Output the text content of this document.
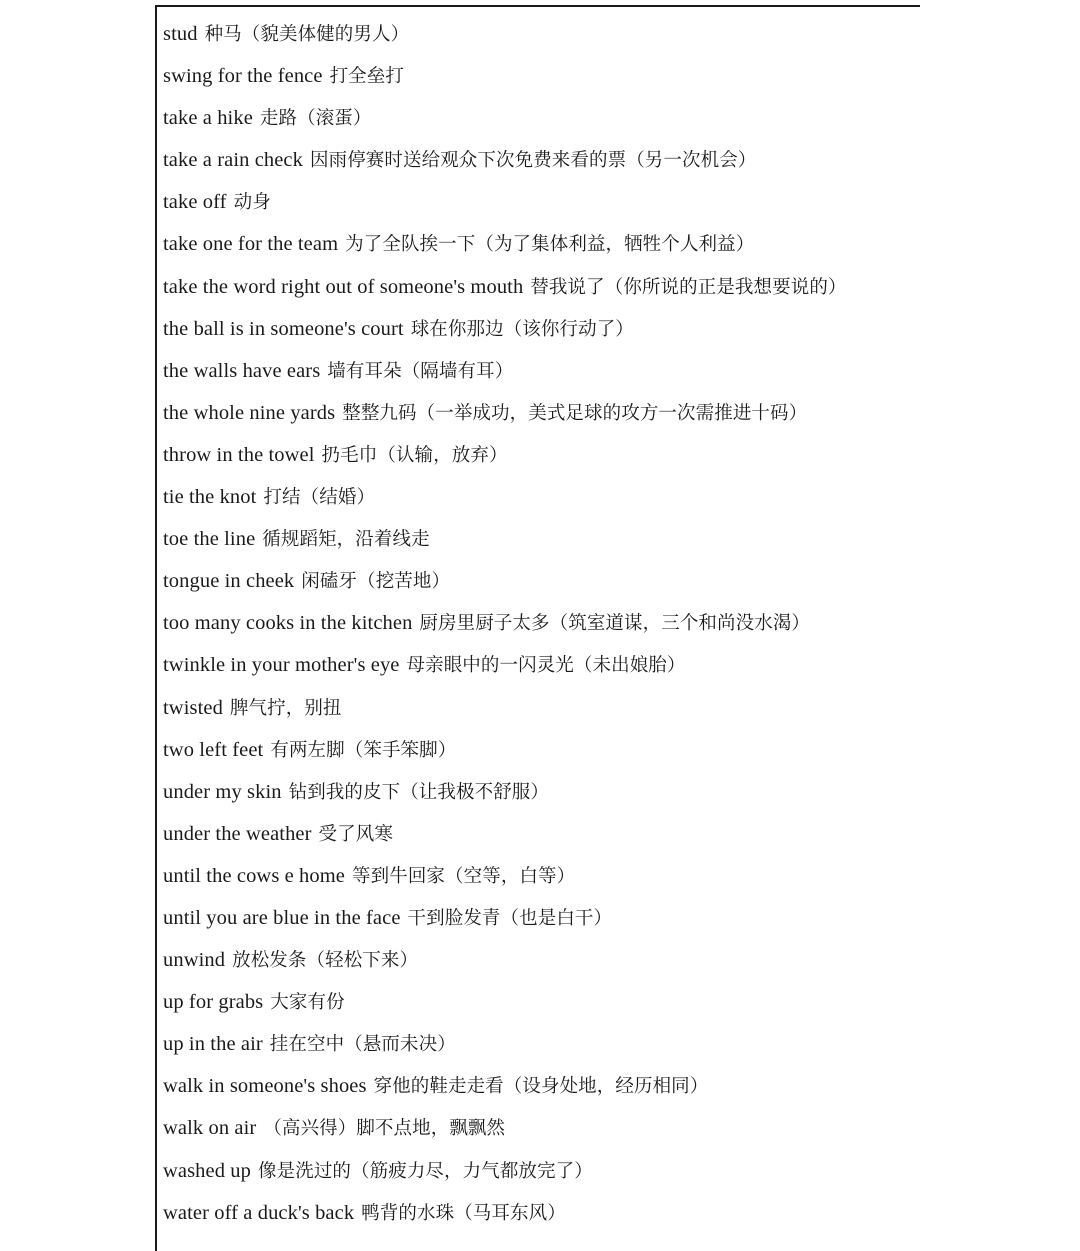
stud 种马（貌美体健的男人）
swing for the fence 打全垒打
take a hike 走路（滚蛋）
take a rain check 因雨停赛时送给观众下次免费来看的票（另一次机会）
take off 动身
take one for the team 为了全队挨一下（为了集体利益，牺牲个人利益）
take the word right out of someone's mouth 替我说了（你所说的正是我想要说的）
the ball is in someone's court 球在你那边（该你行动了）
the walls have ears 墙有耳朵（隔墙有耳）
the whole nine yards 整整九码（一举成功，美式足球的攻方一次需推进十码）
throw in the towel 扔毛巾（认输，放弃）
tie the knot 打结（结婚）
toe the line 循规蹈矩，沿着线走
tongue in cheek 闲磕牙（挖苦地）
too many cooks in the kitchen 厨房里厨子太多（筑室道谋，三个和尚没水渴）
twinkle in your mother's eye 母亲眼中的一闪灵光（未出娘胎）
twisted 脾气拧，别扭
two left feet 有两左脚（笨手笨脚）
under my skin 钻到我的皮下（让我极不舒服）
under the weather 受了风寒
until the cows e home 等到牛回家（空等，白等）
until you are blue in the face 干到脸发青（也是白干）
unwind 放松发条（轻松下来）
up for grabs 大家有份
up in the air 挂在空中（悬而未决）
walk in someone's shoes 穿他的鞋走走看（设身处地，经历相同）
walk on air （高兴得）脚不点地，飘飘然
washed up 像是洗过的（筋疲力尽，力气都放完了）
water off a duck's back 鸭背的水珠（马耳东风）
